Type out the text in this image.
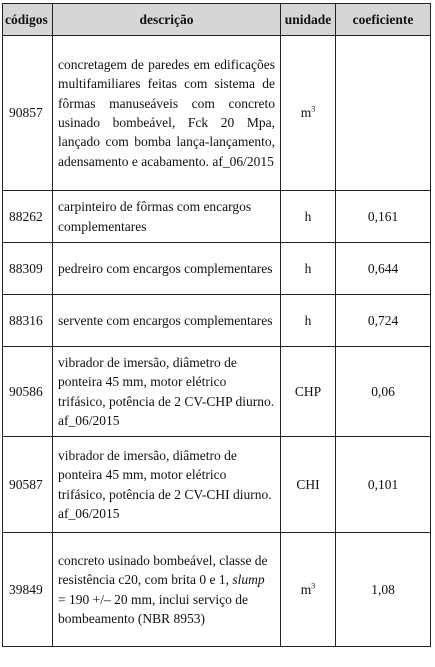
códigos	descrição	unidade	coeficiente
90857	concretagem de paredes em edificações multifamiliares feitas com sistema de fôrmas manuseáveis com concreto usinado bombeável, Fck 20 Mpa, lançado com bomba lança-lançamento, adensamento e acabamento. af_06/2015	$m^3$	
88262	carpinteiro de fôrmas com encargos complementares	h	0,161
88309	pedreiro com encargos complementares	h	0,644
88316	servente com encargos complementares	h	0,724
90586	vibrador de imersão, diâmetro de ponteira 45 mm, motor elétrico trifásico, potência de 2 CV-CHP diurno. af_06/2015	CHP	0,06
90587	vibrador de imersão, diâmetro de ponteira 45 mm, motor elétrico trifásico, potência de 2 CV-CHI diurno. af_06/2015	CHI	0,101
39849	concreto usinado bombeável, classe de resistência c20, com brita 0 e 1, slump = 190 +/– 20 mm, inclui serviço de bombeamento (NBR 8953)	$m^3$	1,08
